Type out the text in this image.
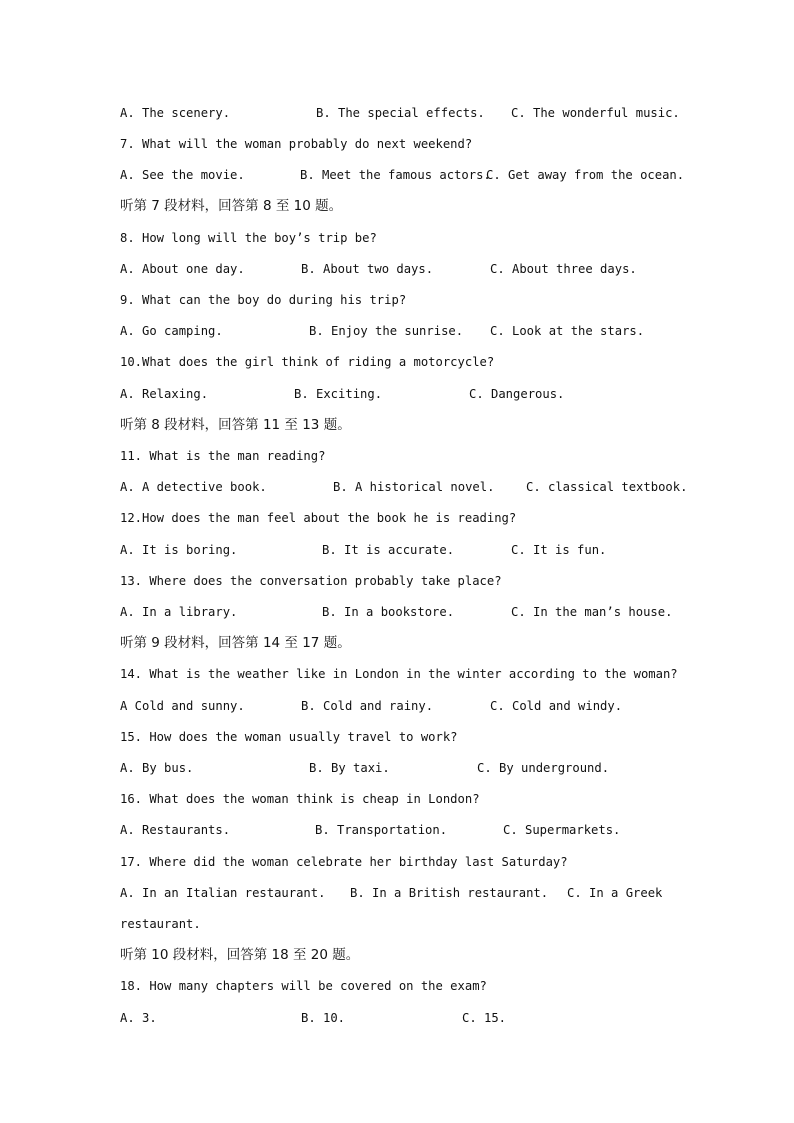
A. The scenery.	B. The special effects. C. The wonderful music.
7. What will the woman probably do next weekend?
A. See the movie.	B. Meet the famous actors.
C. Get away from the ocean.
听第 7 段材料，回答第 8 至 10 题。
8. How long will the boy’s trip be?
A. About one day.	B. About two days.	C. About three days.
9. What can the boy do during his trip?
A. Go camping.	B. Enjoy the sunrise. C. Look at the stars.
10.What does the girl think of riding a motorcycle?
A. Relaxing.	B. Exciting.	C. Dangerous.
听第 8 段材料，回答第 11 至 13 题。
11. What is the man reading?
A. A detective book.	B. A historical novel.	C. classical textbook.
12.How does the man feel about the book he is reading?
A. It is boring.	B. It is accurate.	C. It is fun.
13. Where does the conversation probably take place?
A. In a library.	B. In a bookstore.	C. In the man’s house.
听第 9 段材料，回答第 14 至 17 题。
14. What is the weather like in London in the winter according to the woman?
A Cold and sunny.	B. Cold and rainy.	C. Cold and windy.
15. How does the woman usually travel to work?
A. By bus.	B. By taxi.	C. By underground.
16. What does the woman think is cheap in London?
A. Restaurants.	B. Transportation.	C. Supermarkets.
17. Where did the woman celebrate her birthday last Saturday?
A. In an Italian restaurant. B. In a British restaurant. C. In a Greek
restaurant.
听第 10 段材料，回答第 18 至 20 题。
18. How many chapters will be covered on the exam?
A. 3.	B. 10.	C. 15.
